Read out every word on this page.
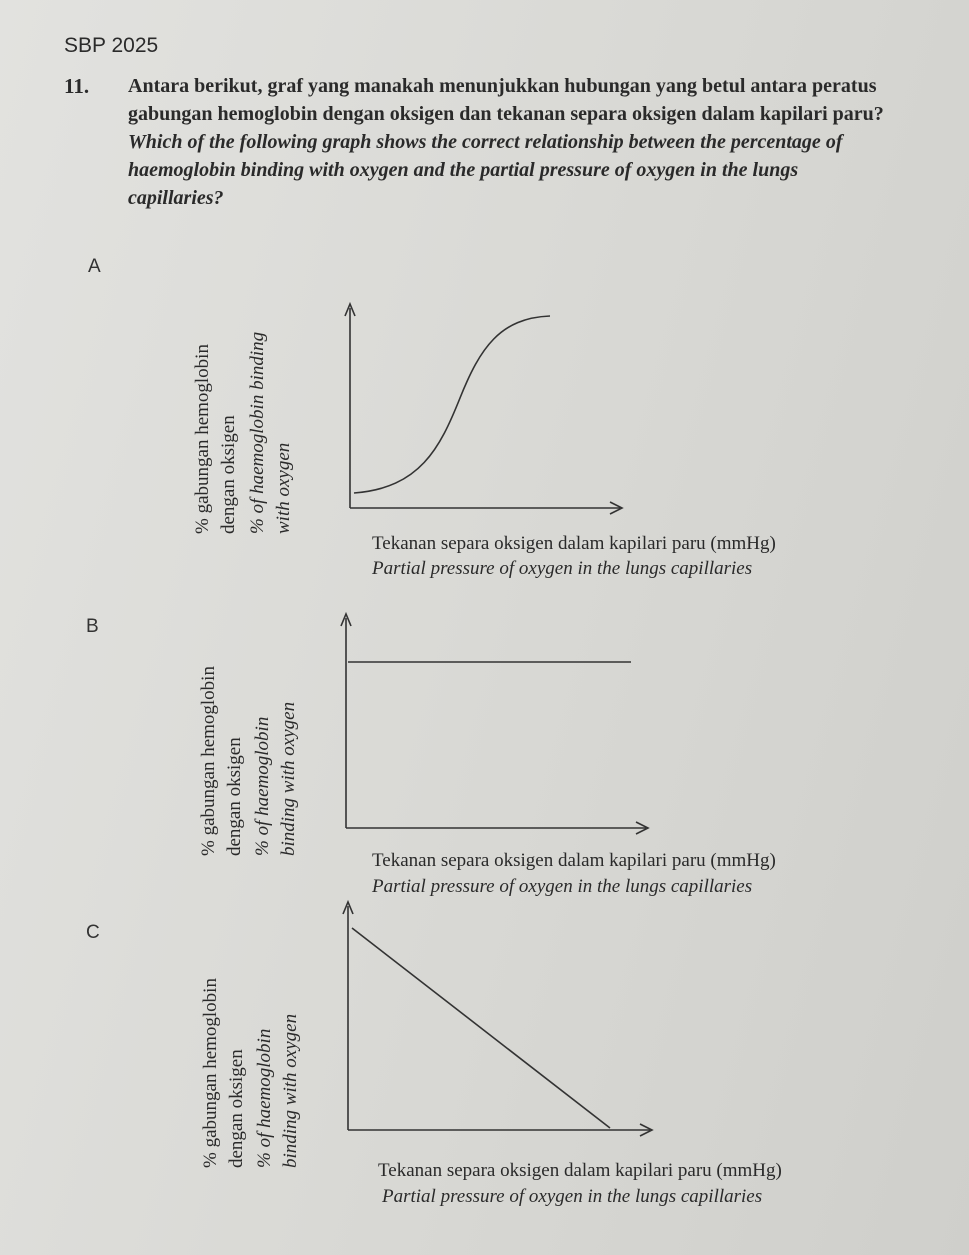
SBP 2025
11. Antara berikut, graf yang manakah menunjukkan hubungan yang betul antara peratus gabungan hemoglobin dengan oksigen dan tekanan separa oksigen dalam kapilari paru?
Which of the following graph shows the correct relationship between the percentage of haemoglobin binding with oxygen and the partial pressure of oxygen in the lungs capillaries?
A
% gabungan hemoglobin dengan oksigen % of haemoglobin binding with oxygen
Tekanan separa oksigen dalam kapilari paru (mmHg)
Partial pressure of oxygen in the lungs capillaries
B
% gabungan hemoglobin dengan oksigen % of haemoglobin binding with oxygen
Tekanan separa oksigen dalam kapilari paru (mmHg)
Partial pressure of oxygen in the lungs capillaries
C
% gabungan hemoglobin dengan oksigen % of haemoglobin binding with oxygen
Tekanan separa oksigen dalam kapilari paru (mmHg)
Partial pressure of oxygen in the lungs capillaries
